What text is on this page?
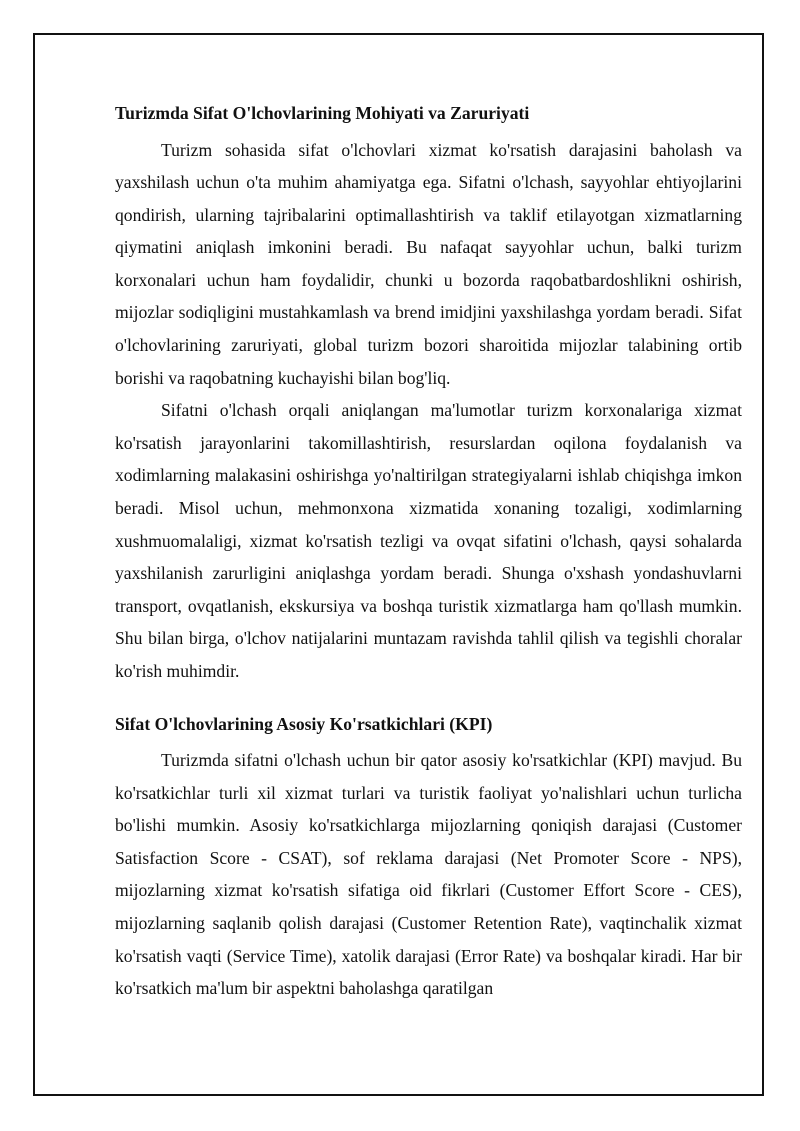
Turizmda Sifat O'lchovlarining Mohiyati va Zaruriyati

Turizm sohasida sifat o'lchovlari xizmat ko'rsatish darajasini baholash va yaxshilash uchun o'ta muhim ahamiyatga ega. Sifatni o'lchash, sayyohlar ehtiyojlarini qondirish, ularning tajribalarini optimallashtirish va taklif etilayotgan xizmatlarning qiymatini aniqlash imkonini beradi. Bu nafaqat sayyohlar uchun, balki turizm korxonalari uchun ham foydalidir, chunki u bozorda raqobatbardoshlikni oshirish, mijozlar sodiqligini mustahkamlash va brend imidjini yaxshilashga yordam beradi. Sifat o'lchovlarining zaruriyati, global turizm bozori sharoitida mijozlar talabining ortib borishi va raqobatning kuchayishi bilan bog'liq.

Sifatni o'lchash orqali aniqlangan ma'lumotlar turizm korxonalariga xizmat ko'rsatish jarayonlarini takomillashtirish, resurslardan oqilona foydalanish va xodimlarning malakasini oshirishga yo'naltirilgan strategiyalarni ishlab chiqishga imkon beradi. Misol uchun, mehmonxona xizmatida xonaning tozaligi, xodimlarning xushmuomalaligi, xizmat ko'rsatish tezligi va ovqat sifatini o'lchash, qaysi sohalarda yaxshilanish zarurligini aniqlashga yordam beradi. Shunga o'xshash yondashuvlarni transport, ovqatlanish, ekskursiya va boshqa turistik xizmatlarga ham qo'llash mumkin. Shu bilan birga, o'lchov natijalarini muntazam ravishda tahlil qilish va tegishli choralar ko'rish muhimdir.

Sifat O'lchovlarining Asosiy Ko'rsatkichlari (KPI)

Turizmda sifatni o'lchash uchun bir qator asosiy ko'rsatkichlar (KPI) mavjud. Bu ko'rsatkichlar turli xil xizmat turlari va turistik faoliyat yo'nalishlari uchun turlicha bo'lishi mumkin. Asosiy ko'rsatkichlarga mijozlarning qoniqish darajasi (Customer Satisfaction Score - CSAT), sof reklama darajasi (Net Promoter Score - NPS), mijozlarning xizmat ko'rsatish sifatiga oid fikrlari (Customer Effort Score - CES), mijozlarning saqlanib qolish darajasi (Customer Retention Rate), vaqtinchalik xizmat ko'rsatish vaqti (Service Time), xatolik darajasi (Error Rate) va boshqalar kiradi. Har bir ko'rsatkich ma'lum bir aspektni baholashga qaratilgan
